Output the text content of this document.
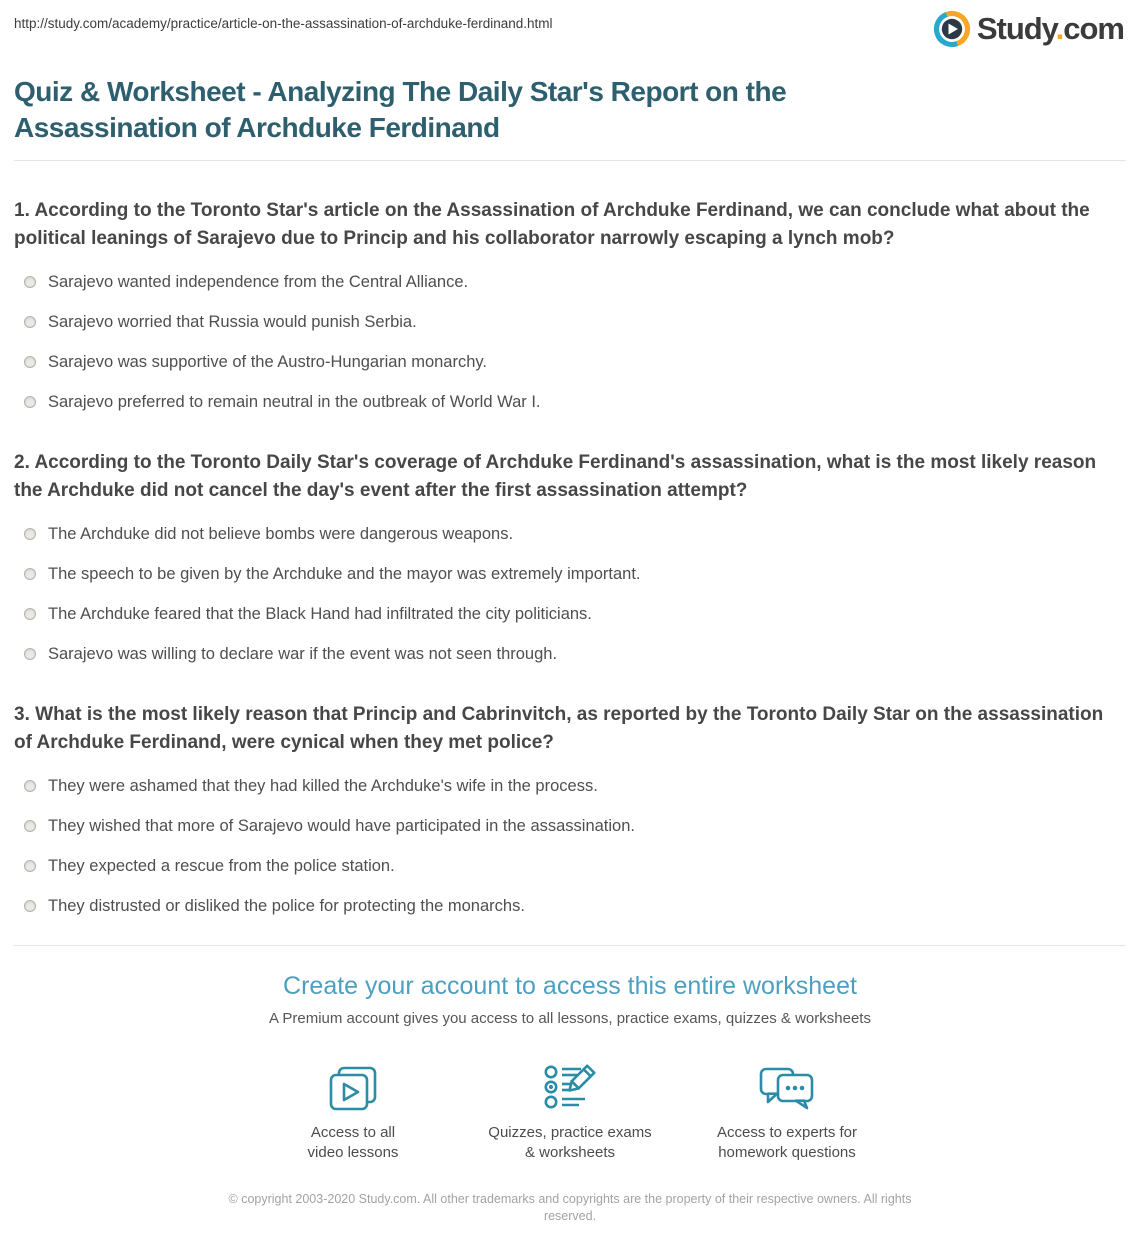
http://study.com/academy/practice/article-on-the-assassination-of-archduke-ferdinand.html	Study.com
Quiz & Worksheet - Analyzing The Daily Star's Report on the Assassination of Archduke Ferdinand
1. According to the Toronto Star's article on the Assassination of Archduke Ferdinand, we can conclude what about the political leanings of Sarajevo due to Princip and his collaborator narrowly escaping a lynch mob?
Sarajevo wanted independence from the Central Alliance.
Sarajevo worried that Russia would punish Serbia.
Sarajevo was supportive of the Austro-Hungarian monarchy.
Sarajevo preferred to remain neutral in the outbreak of World War I.
2. According to the Toronto Daily Star's coverage of Archduke Ferdinand's assassination, what is the most likely reason the Archduke did not cancel the day's event after the first assassination attempt?
The Archduke did not believe bombs were dangerous weapons.
The speech to be given by the Archduke and the mayor was extremely important.
The Archduke feared that the Black Hand had infiltrated the city politicians.
Sarajevo was willing to declare war if the event was not seen through.
3. What is the most likely reason that Princip and Cabrinvitch, as reported by the Toronto Daily Star on the assassination of Archduke Ferdinand, were cynical when they met police?
They were ashamed that they had killed the Archduke's wife in the process.
They wished that more of Sarajevo would have participated in the assassination.
They expected a rescue from the police station.
They distrusted or disliked the police for protecting the monarchs.
Create your account to access this entire worksheet

A Premium account gives you access to all lessons, practice exams, quizzes & worksheets

Access to all
video lessons
Quizzes, practice exams
& worksheets
Access to experts for
homework questions

© copyright 2003-2020 Study.com. All other trademarks and copyrights are the property of their respective owners. All rights reserved.
